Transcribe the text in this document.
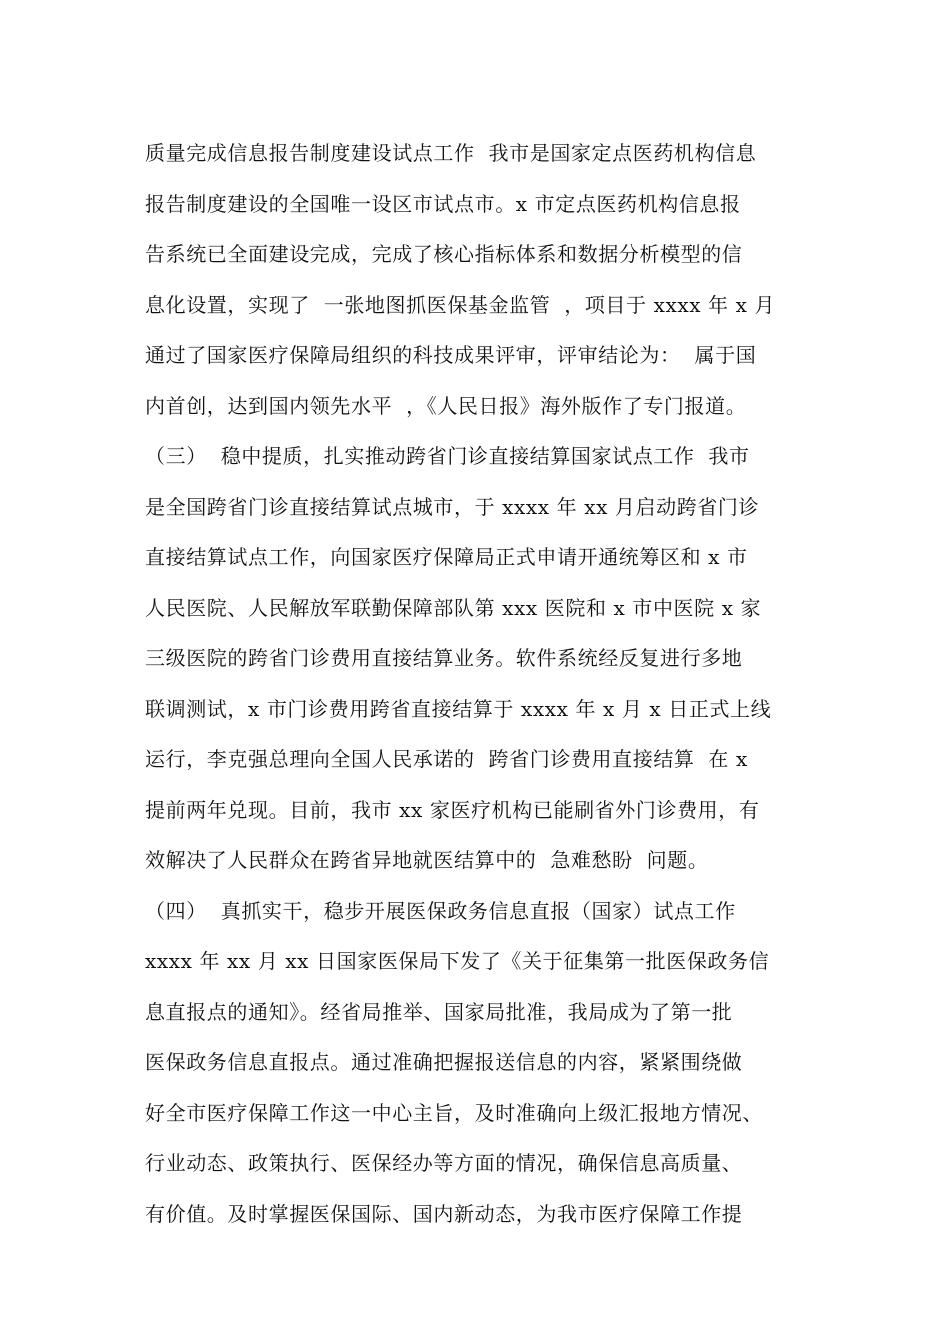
质量完成信息报告制度建设试点工作  我市是国家定点医药机构信息
报告制度建设的全国唯一设区市试点市。x 市定点医药机构信息报
告系统已全面建设完成，完成了核心指标体系和数据分析模型的信
息化设置，实现了  一张地图抓医保基金监管  ，项目于 xxxx 年 x 月
通过了国家医疗保障局组织的科技成果评审，评审结论为：  属于国
内首创，达到国内领先水平  ，《人民日报》海外版作了专门报道。
（三）  稳中提质，扎实推动跨省门诊直接结算国家试点工作  我市
是全国跨省门诊直接结算试点城市，于 xxxx 年 xx 月启动跨省门诊
直接结算试点工作，向国家医疗保障局正式申请开通统筹区和 x 市
人民医院、人民解放军联勤保障部队第 xxx 医院和 x 市中医院 x 家
三级医院的跨省门诊费用直接结算业务。软件系统经反复进行多地
联调测试，x 市门诊费用跨省直接结算于 xxxx 年 x 月 x 日正式上线
运行，李克强总理向全国人民承诺的  跨省门诊费用直接结算  在 x
提前两年兑现。目前，我市 xx 家医疗机构已能刷省外门诊费用，有
效解决了人民群众在跨省异地就医结算中的  急难愁盼  问题。
（四）  真抓实干，稳步开展医保政务信息直报（国家）试点工作
xxxx 年 xx 月 xx 日国家医保局下发了《关于征集第一批医保政务信
息直报点的通知》。经省局推举、国家局批准，我局成为了第一批
医保政务信息直报点。通过准确把握报送信息的内容，紧紧围绕做
好全市医疗保障工作这一中心主旨，及时准确向上级汇报地方情况、
行业动态、政策执行、医保经办等方面的情况，确保信息高质量、
有价值。及时掌握医保国际、国内新动态，为我市医疗保障工作提
